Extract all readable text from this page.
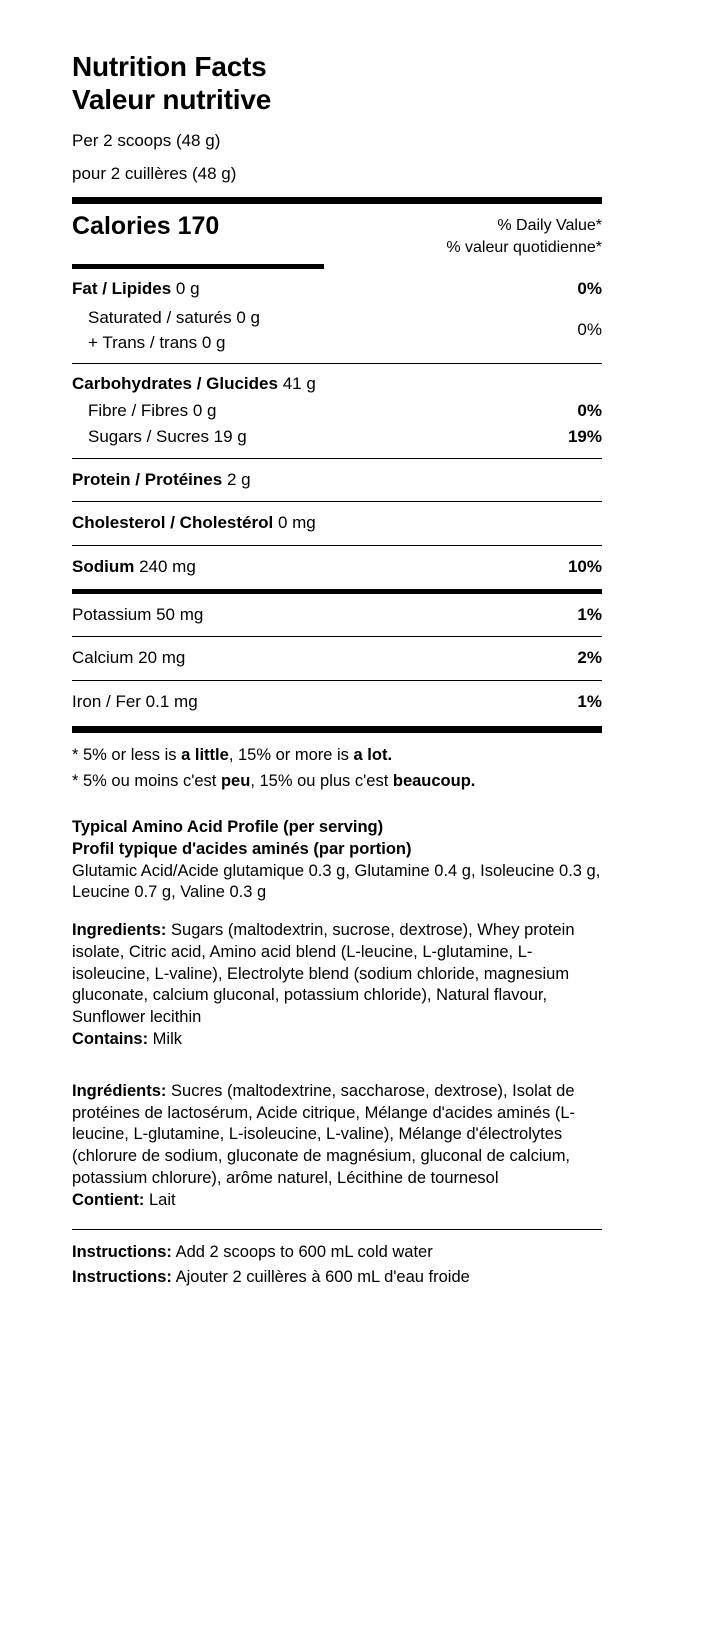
Nutrition Facts
Valeur nutritive
Per 2 scoops (48 g)
pour 2 cuillères (48 g)
Calories 170	% Daily Value*
% valeur quotidienne*
Fat / Lipides 0 g	0%
Saturated / saturés 0 g
+ Trans / trans 0 g
0%
Carbohydrates / Glucides 41 g
Fibre / Fibres 0 g	0%
Sugars / Sucres 19 g	19%
Protein / Protéines 2 g
Cholesterol / Cholestérol 0 mg
Sodium 240 mg	10%
Potassium 50 mg	1%
Calcium 20 mg	2%
Iron / Fer 0.1 mg	1%
* 5% or less is a little, 15% or more is a lot.
* 5% ou moins c'est peu, 15% ou plus c'est beaucoup.

Typical Amino Acid Profile (per serving)

Profil typique d'acides aminés (par portion)

Glutamic Acid/Acide glutamique 0.3 g, Glutamine 0.4 g, Isoleucine 0.3 g, Leucine 0.7 g, Valine 0.3 g

Ingredients: Sugars (maltodextrin, sucrose, dextrose), Whey protein isolate, Citric acid, Amino acid blend (L-leucine, L-glutamine, L-isoleucine, L-valine), Electrolyte blend (sodium chloride, magnesium gluconate, calcium gluconal, potassium chloride), Natural flavour, Sunflower lecithin

Contains: Milk

Ingrédients: Sucres (maltodextrine, saccharose, dextrose), Isolat de protéines de lactosérum, Acide citrique, Mélange d'acides aminés (L-leucine, L-glutamine, L-isoleucine, L-valine), Mélange d'électrolytes (chlorure de sodium, gluconate de magnésium, gluconal de calcium, potassium chlorure), arôme naturel, Lécithine de tournesol

Contient: Lait

Instructions: Add 2 scoops to 600 mL cold water
Instructions: Ajouter 2 cuillères à 600 mL d'eau froide
